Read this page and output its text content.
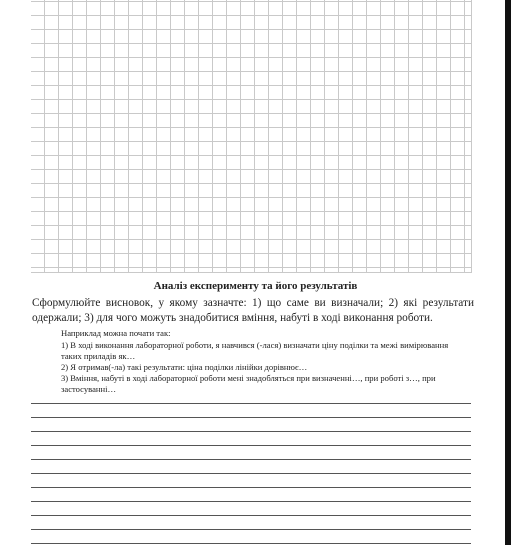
Аналіз експерименту та його результатів

Сформулюйте висновок, у якому зазначте: 1) що саме ви визначали; 2) які результати одержали; 3) для чого можуть знадобитися вміння, набуті в ході виконання роботи.

Наприклад можна почати так:

1) В ході виконання лабораторної роботи, я навчився (-лася) визначати ціну поділки та межі вимірювання таких приладів як…

2) Я отримав(-ла) такі результати: ціна поділки лінійки дорівнює…

3) Вміння, набуті в ході лабораторної роботи мені знадобляться при визначенні…, при роботі з…, при застосуванні…
